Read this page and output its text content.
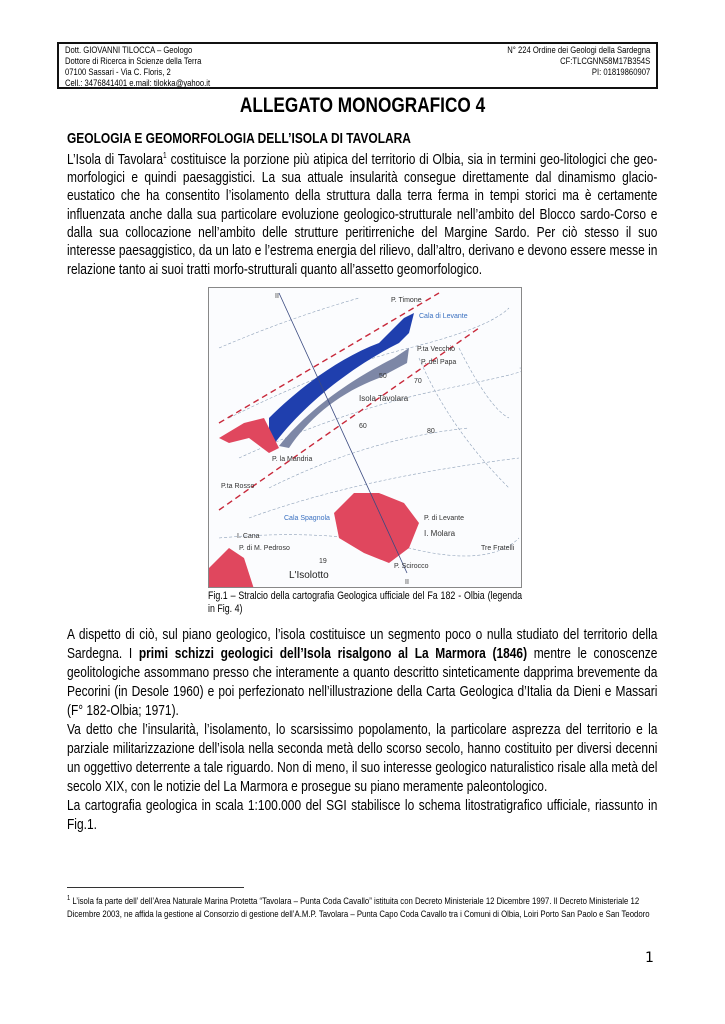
Dott. GIOVANNI TILOCCA – Geologo
Dottore di Ricerca in Scienze della Terra
07100 Sassari - Via C. Floris, 2
Cell.: 3476841401 e.mail: tilokka@yahoo.it
N° 224 Ordine dei Geologi della Sardegna
CF:TLCGNN58M17B354S
PI: 01819860907
ALLEGATO MONOGRAFICO 4
GEOLOGIA E GEOMORFOLOGIA DELL’ISOLA DI TAVOLARA
L’Isola di Tavolara$^1$ costituisce la porzione più atipica del territorio di Olbia, sia in termini geo-litologici che geo-morfologici e quindi paesaggistici. La sua attuale insularità consegue direttamente dal dinamismo glacio-eustatico che ha consentito l’isolamento della struttura dalla terra ferma in tempi storici ma è certamente influenzata anche dalla sua particolare evoluzione geologico-strutturale nell’ambito del Blocco sardo-Corso e dalla sua collocazione nell’ambito delle strutture peritirreniche del Margine Sardo. Per ciò stesso il suo interesse paesaggistico, da un lato e l’estrema energia del rilievo, dall’altro, derivano e devono essere messe in relazione tanto ai suoi tratti morfo-strutturali quanto all’assetto geomorfologico.
II
II
P. Timone
Isola Tavolara
P. la Mandria
P.ta Vecchio
P. del Papa
Cala di Levante
P.ta Rosso
Cala Spagnola
I. Molara
P. di Levante
Tre Fratelli
I. Cana
P. di M. Pedroso
P. Scirocco
60
80
50
70
19
L'Isolotto
Fig.1 – Stralcio della cartografia Geologica ufficiale del Fa 182 - Olbia (legenda in Fig. 4)

A dispetto di ciò, sul piano geologico, l’isola costituisce un segmento poco o nulla studiato del territorio della Sardegna. I primi schizzi geologici dell’Isola risalgono al La Marmora (1846) mentre le conoscenze geolitologiche assommano presso che interamente a quanto descritto sinteticamente dapprima brevemente da Pecorini (in Desole 1960) e poi perfezionato nell’illustrazione della Carta Geologica d’Italia da Dieni e Massari (F° 182-Olbia; 1971).

Va detto che l’insularità, l’isolamento, lo scarsissimo popolamento, la particolare asprezza del territorio e la parziale militarizzazione dell’isola nella seconda metà dello scorso secolo, hanno costituito per diversi decenni un oggettivo deterrente a tale riguardo. Non di meno, il suo interesse geologico naturalistico risale alla metà del secolo XIX, con le notizie del La Marmora e prosegue su piano meramente paleontologico.

La cartografia geologica in scala 1:100.000 del SGI stabilisce lo schema litostratigrafico ufficiale, riassunto in Fig.1.

$^1$ L’isola fa parte dell’ dell’Area Naturale Marina Protetta “Tavolara – Punta Coda Cavallo” istituita con Decreto Ministeriale 12 Dicembre 1997. Il Decreto Ministeriale 12 Dicembre 2003, ne affida la gestione al Consorzio di gestione dell’A.M.P. Tavolara – Punta Capo Coda Cavallo tra i Comuni di Olbia, Loiri Porto San Paolo e San Teodoro
1
